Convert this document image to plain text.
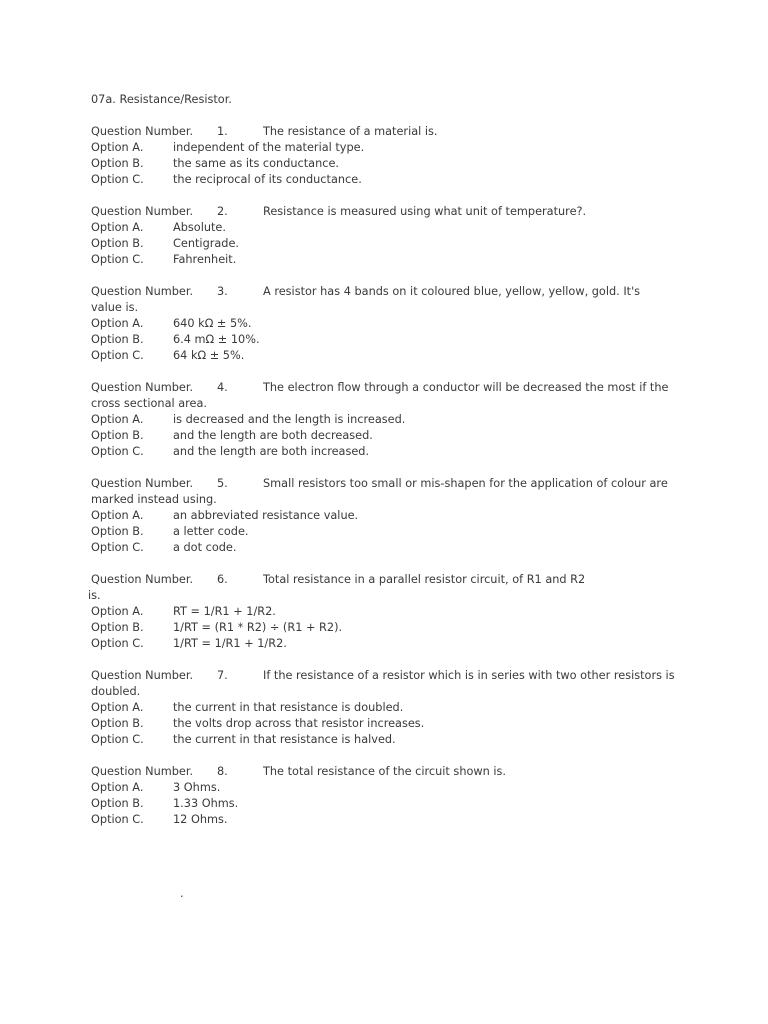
07a. Resistance/Resistor.
Question Number. 1.	The resistance of a material is.
Option A.	independent of the material type.
Option B.	the same as its conductance.
Option C.	the reciprocal of its conductance.
Question Number. 2.	Resistance is measured using what unit of temperature?.
Option A.	Absolute.
Option B.	Centigrade.
Option C.	Fahrenheit.
Question Number. 3.	A resistor has 4 bands on it coloured blue, yellow, yellow, gold. It's
value is.
Option A.	640 kΩ ± 5%.
Option B.	6.4 mΩ ± 10%.
Option C.	64 kΩ ± 5%.
Question Number. 4.	The electron flow through a conductor will be decreased the most if the
cross sectional area.
Option A.	is decreased and the length is increased.
Option B.	and the length are both decreased.
Option C.	and the length are both increased.
Question Number. 5.	Small resistors too small or mis-shapen for the application of colour are
marked instead using.
Option A.	an abbreviated resistance value.
Option B.	a letter code.
Option C.	a dot code.
Question Number. 6.	Total resistance in a parallel resistor circuit, of R1 and R2
is.
Option A.	RT = 1/R1 + 1/R2.
Option B.	1/RT = (R1 * R2) ÷ (R1 + R2).
Option C.	1/RT = 1/R1 + 1/R2.
Question Number. 7.	If the resistance of a resistor which is in series with two other resistors is
doubled.
Option A.	the current in that resistance is doubled.
Option B.	the volts drop across that resistor increases.
Option C.	the current in that resistance is halved.
Question Number. 8.	The total resistance of the circuit shown is.
Option A.	3 Ohms.
Option B.	1.33 Ohms.
Option C.	12 Ohms.
.
